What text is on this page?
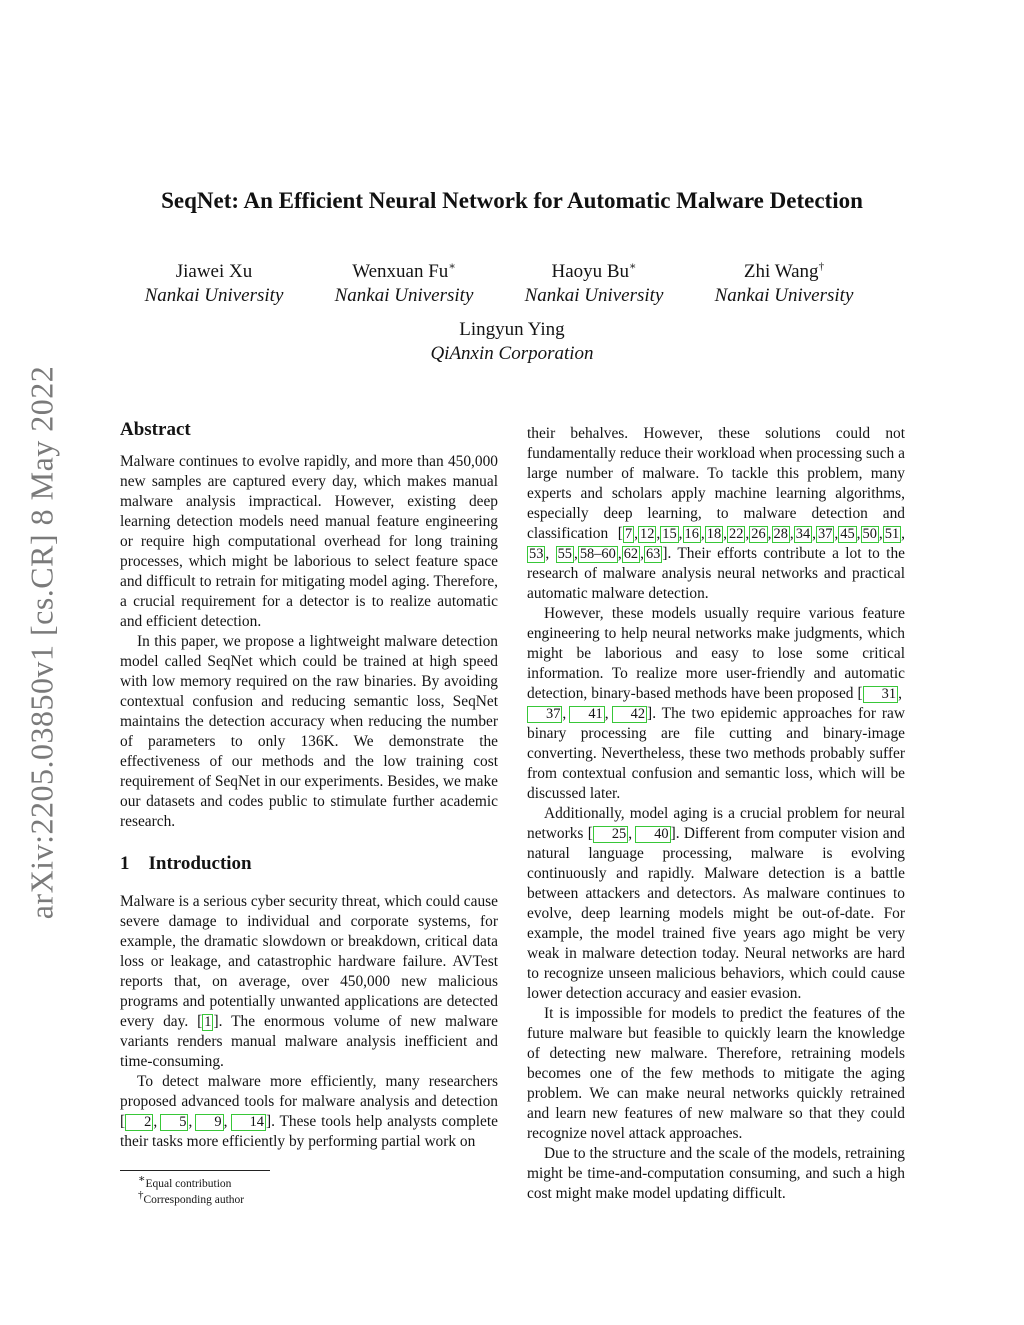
arXiv:2205.03850v1 [cs.CR] 8 May 2022
SeqNet: An Efficient Neural Network for Automatic Malware Detection
Jiawei Xu
Nankai University
Wenxuan Fu∗
Nankai University
Haoyu Bu∗
Nankai University
Zhi Wang†
Nankai University
Lingyun Ying
QiAnxin Corporation
Abstract

Malware continues to evolve rapidly, and more than 450,000 new samples are captured every day, which makes manual malware analysis impractical. However, existing deep learning detection models need manual feature engineering or require high computational overhead for long training processes, which might be laborious to select feature space and difficult to retrain for mitigating model aging. Therefore, a crucial requirement for a detector is to realize automatic and efficient detection.

In this paper, we propose a lightweight malware detection model called SeqNet which could be trained at high speed with low memory required on the raw binaries. By avoiding contextual confusion and reducing semantic loss, SeqNet maintains the detection accuracy when reducing the number of parameters to only 136K. We demonstrate the effectiveness of our methods and the low training cost requirement of SeqNet in our experiments. Besides, we make our datasets and codes public to stimulate further academic research.

1 Introduction

Malware is a serious cyber security threat, which could cause severe damage to individual and corporate systems, for example, the dramatic slowdown or breakdown, critical data loss or leakage, and catastrophic hardware failure. AVTest reports that, on average, over 450,000 new malicious programs and potentially unwanted applications are detected every day. [ 1 ]. The enormous volume of new malware variants renders manual malware analysis inefficient and time-consuming.

To detect malware more efficiently, many researchers proposed advanced tools for malware analysis and detection [ 2 , 5 , 9 , 14 ]. These tools help analysts complete their tasks more efficiently by performing partial work on

∗Equal contribution
†Corresponding author

their behalves. However, these solutions could not fundamentally reduce their workload when processing such a large number of malware. To tackle this problem, many experts and scholars apply machine learning algorithms, especially deep learning, to malware detection and classification [ 7 , 12 , 15 , 16 , 18 , 22 , 26 , 28 , 34 , 37 , 45 , 50 , 51 ,53 , 55 , 58–60 , 62 , 63 ]. Their efforts contribute a lot to the research of malware analysis neural networks and practical automatic malware detection.

However, these models usually require various feature engineering to help neural networks make judgments, which might be laborious and easy to lose some critical information. To realize more user-friendly and automatic detection, binary-based methods have been proposed [ 31 , 37 , 41 , 42 ]. The two epidemic approaches for raw binary processing are file cutting and binary-image converting. Nevertheless, these two methods probably suffer from contextual confusion and semantic loss, which will be discussed later.

Additionally, model aging is a crucial problem for neural networks [ 25 , 40 ]. Different from computer vision and natural language processing, malware is evolving continuously and rapidly. Malware detection is a battle between attackers and detectors. As malware continues to evolve, deep learning models might be out-of-date. For example, the model trained five years ago might be very weak in malware detection today. Neural networks are hard to recognize unseen malicious behaviors, which could cause lower detection accuracy and easier evasion.

It is impossible for models to predict the features of the future malware but feasible to quickly learn the knowledge of detecting new malware. Therefore, retraining models becomes one of the few methods to mitigate the aging problem. We can make neural networks quickly retrained and learn new features of new malware so that they could recognize novel attack approaches.

Due to the structure and the scale of the models, retraining might be time-and-computation consuming, and such a high cost might make model updating difficult.
